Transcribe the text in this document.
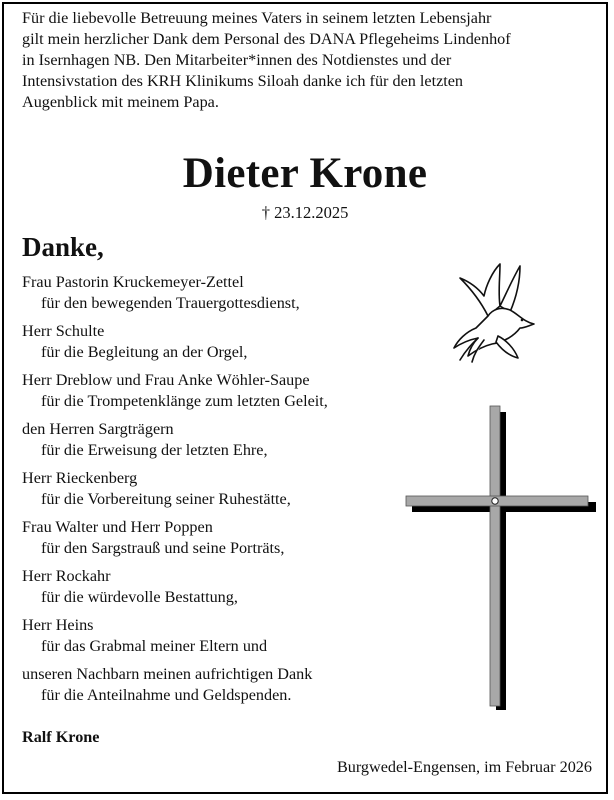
Für die liebevolle Betreuung meines Vaters in seinem letzten Lebensjahr
gilt mein herzlicher Dank dem Personal des DANA Pflegeheims Lindenhof
in Isernhagen NB. Den Mitarbeiter*innen des Notdienstes und der
Intensivstation des KRH Klinikums Siloah danke ich für den letzten
Augenblick mit meinem Papa.

Dieter Krone
† 23.12.2025
Danke,
Frau Pastorin Kruckemeyer-Zettel
für den bewegenden Trauergottesdienst,
Herr Schulte
für die Begleitung an der Orgel,
Herr Dreblow und Frau Anke Wöhler-Saupe
für die Trompetenklänge zum letzten Geleit,
den Herren Sargträgern
für die Erweisung der letzten Ehre,
Herr Rieckenberg
für die Vorbereitung seiner Ruhestätte,
Frau Walter und Herr Poppen
für den Sargstrauß und seine Porträts,
Herr Rockahr
für die würdevolle Bestattung,
Herr Heins
für das Grabmal meiner Eltern und
unseren Nachbarn meinen aufrichtigen Dank
für die Anteilnahme und Geldspenden.
Ralf Krone
Burgwedel-Engensen, im Februar 2026
